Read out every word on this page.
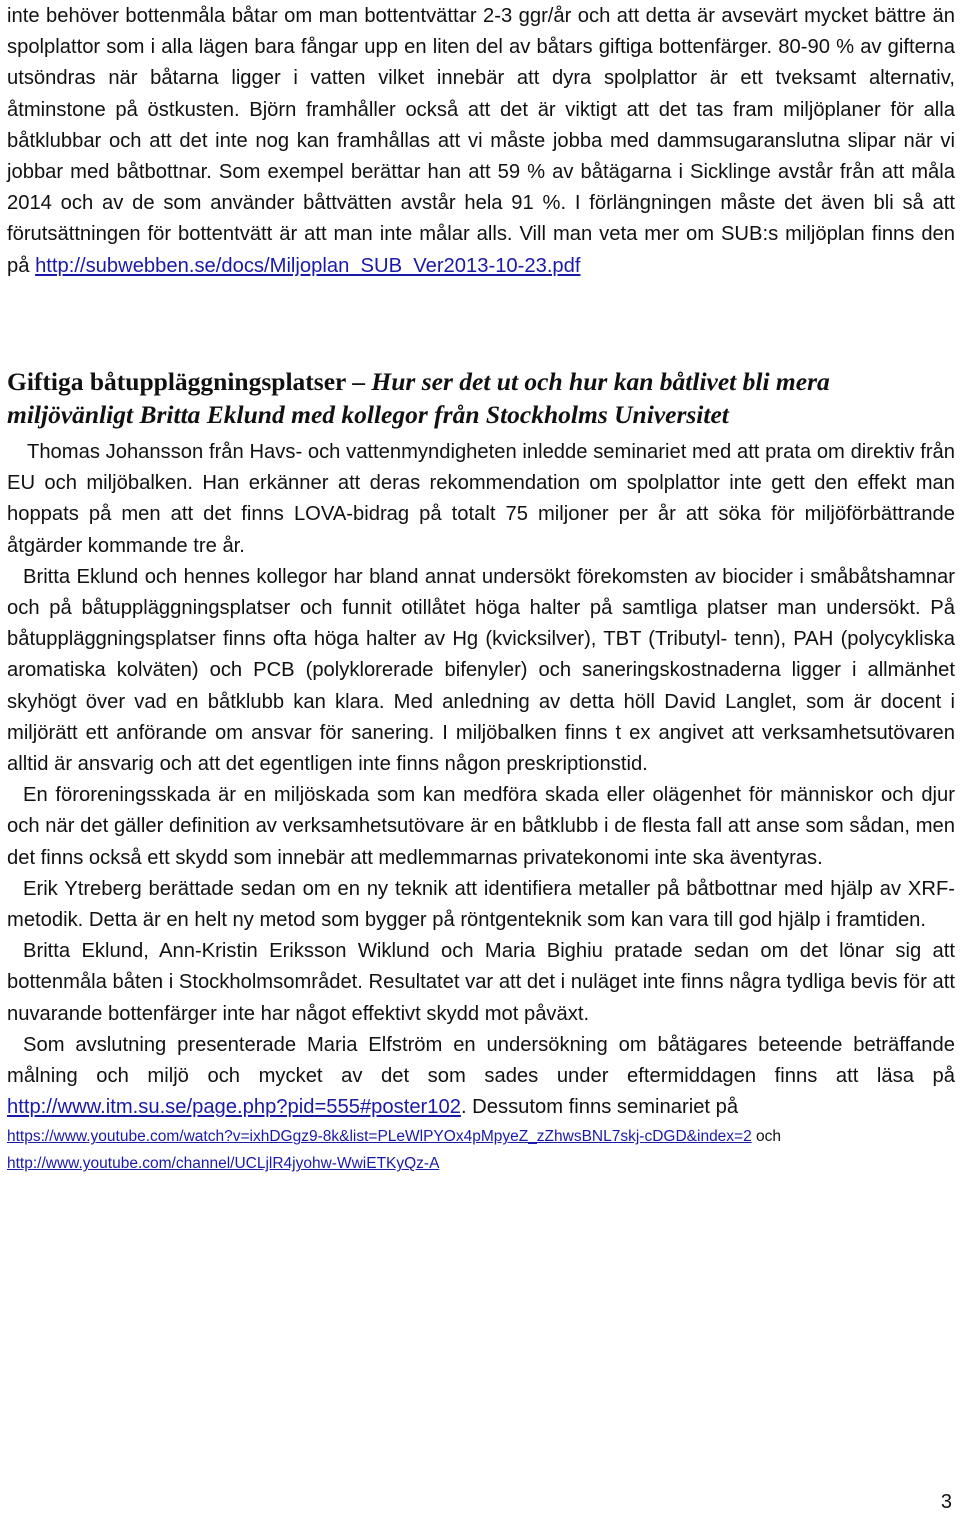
inte behöver bottenmåla båtar om man bottentvättar 2-3 ggr/år och att detta är avsevärt mycket bättre än spolplattor som i alla lägen bara fångar upp en liten del av båtars giftiga bottenfärger. 80-90 % av gifterna utsöndras när båtarna ligger i vatten vilket innebär att dyra spolplattor är ett tveksamt alternativ, åtminstone på östkusten. Björn framhåller också att det är viktigt att det tas fram miljöplaner för alla båtklubbar och att det inte nog kan framhållas att vi måste jobba med dammsugaranslutna slipar när vi jobbar med båtbottnar. Som exempel berättar han att 59 % av båtägarna i Sicklinge avstår från att måla 2014 och av de som använder båttvätten avstår hela 91 %. I förlängningen måste det även bli så att förutsättningen för bottentvätt är att man inte målar alls. Vill man veta mer om SUB:s miljöplan finns den på http://subwebben.se/docs/Miljoplan_SUB_Ver2013-10-23.pdf

Giftiga båtuppläggningsplatser – Hur ser det ut och hur kan båtlivet bli mera miljövänligt Britta Eklund med kollegor från Stockholms Universitet

Thomas Johansson från Havs- och vattenmyndigheten inledde seminariet med att prata om direktiv från EU och miljöbalken. Han erkänner att deras rekommendation om spolplattor inte gett den effekt man hoppats på men att det finns LOVA-bidrag på totalt 75 miljoner per år att söka för miljöförbättrande åtgärder kommande tre år.

Britta Eklund och hennes kollegor har bland annat undersökt förekomsten av biocider i småbåtshamnar och på båtuppläggningsplatser och funnit otillåtet höga halter på samtliga platser man undersökt. På båtuppläggningsplatser finns ofta höga halter av Hg (kvicksilver), TBT (Tributyl- tenn), PAH (polycykliska aromatiska kolväten) och PCB (polyklorerade bifenyler) och saneringskostnaderna ligger i allmänhet skyhögt över vad en båtklubb kan klara. Med anledning av detta höll David Langlet, som är docent i miljörätt ett anförande om ansvar för sanering. I miljöbalken finns t ex angivet att verksamhetsutövaren alltid är ansvarig och att det egentligen inte finns någon preskriptionstid.

En föroreningsskada är en miljöskada som kan medföra skada eller olägenhet för människor och djur och när det gäller definition av verksamhetsutövare är en båtklubb i de flesta fall att anse som sådan, men det finns också ett skydd som innebär att medlemmarnas privatekonomi inte ska äventyras.

Erik Ytreberg berättade sedan om en ny teknik att identifiera metaller på båtbottnar med hjälp av XRF-metodik. Detta är en helt ny metod som bygger på röntgenteknik som kan vara till god hjälp i framtiden.

Britta Eklund, Ann-Kristin Eriksson Wiklund och Maria Bighiu pratade sedan om det lönar sig att bottenmåla båten i Stockholmsområdet. Resultatet var att det i nuläget inte finns några tydliga bevis för att nuvarande bottenfärger inte har något effektivt skydd mot påväxt.

Som avslutning presenterade Maria Elfström en undersökning om båtägares beteende beträffande målning och miljö och mycket av det som sades under eftermiddagen finns att läsa på http://www.itm.su.se/page.php?pid=555#poster102. Dessutom finns seminariet på

https://www.youtube.com/watch?v=ixhDGgz9-8k&list=PLeWlPYOx4pMpyeZ_zZhwsBNL7skj-cDGD&index=2 och http://www.youtube.com/channel/UCLjlR4jyohw-WwiETKyQz-A
3
